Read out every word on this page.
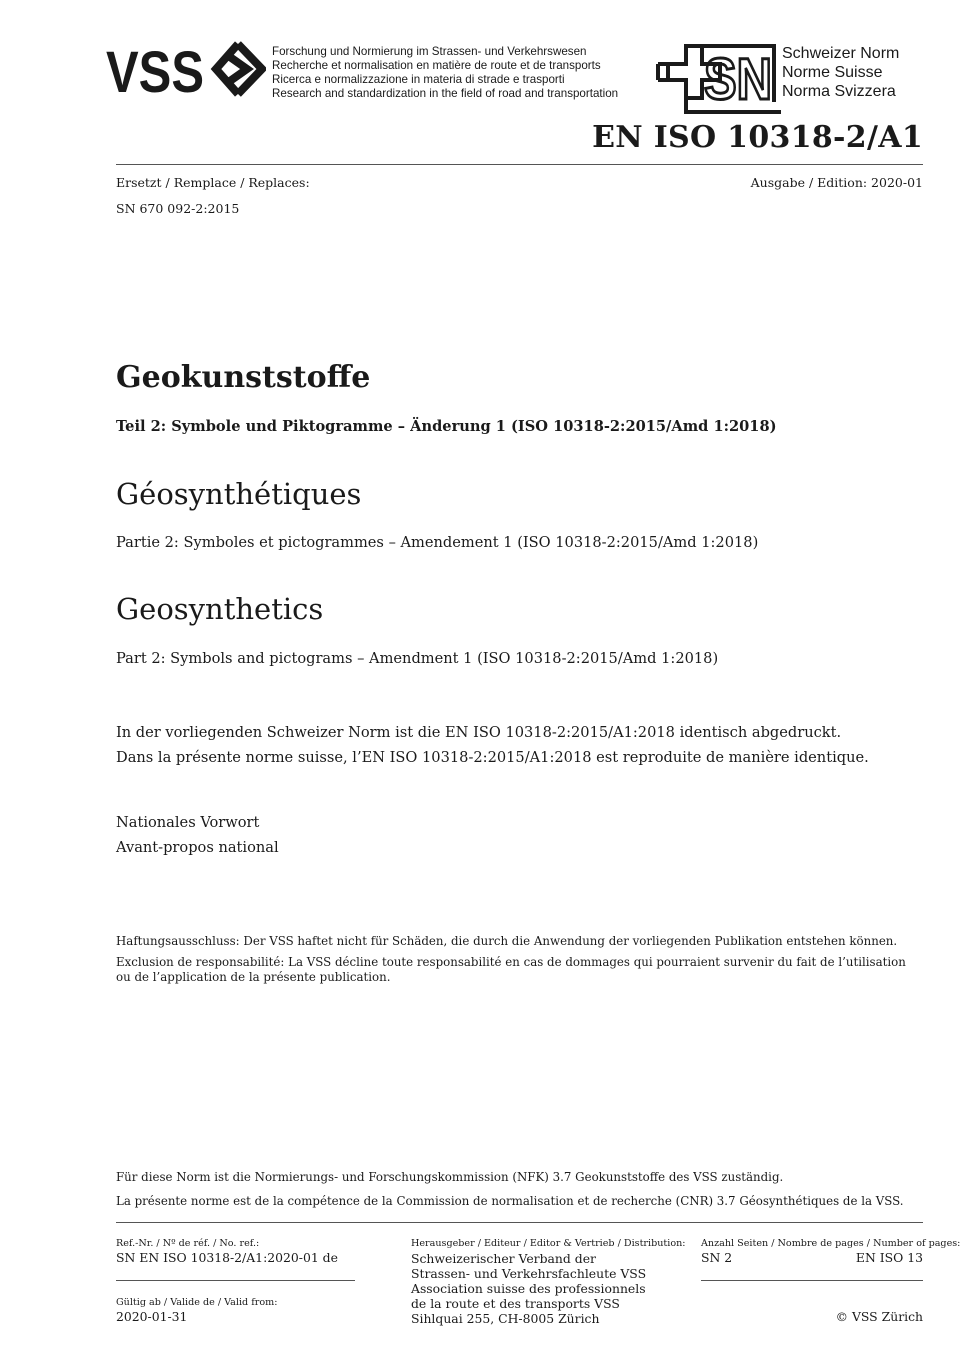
VSS	Forschung und Normierung im Strassen- und Verkehrswesen
Recherche et normalisation en matière de route et de transports
Ricerca e normalizzazione in materia di strade e trasporti
Research and standardization in the field of road and transportation SN Schweizer Norm
Norme Suisse
Norma Svizzera
EN ISO 10318-2/A1
Ersetzt / Remplace / Replaces:	Ausgabe / Edition: 2020-01
SN 670 092-2:2015
Geokunststoffe
Teil 2: Symbole und Piktogramme – Änderung 1 (ISO 10318-2:2015/Amd 1:2018)
Géosynthétiques
Partie 2: Symboles et pictogrammes – Amendement 1 (ISO 10318-2:2015/Amd 1:2018)
Geosynthetics
Part 2: Symbols and pictograms – Amendment 1 (ISO 10318-2:2015/Amd 1:2018)
In der vorliegenden Schweizer Norm ist die EN ISO 10318-2:2015/A1:2018 identisch abgedruckt.
Dans la présente norme suisse, l’EN ISO 10318-2:2015/A1:2018 est reproduite de manière identique.
Nationales Vorwort
Avant-propos national
Haftungsausschluss: Der VSS haftet nicht für Schäden, die durch die Anwendung der vorliegenden Publikation entstehen können.
Exclusion de responsabilité: La VSS décline toute responsabilité en cas de dommages qui pourraient survenir du fait de l’utilisation
ou de l’application de la présente publication.
Für diese Norm ist die Normierungs- und Forschungskommission (NFK) 3.7 Geokunststoffe des VSS zuständig.
La présente norme est de la compétence de la Commission de normalisation et de recherche (CNR) 3.7 Géosynthétiques de la VSS.
Ref.-Nr. / Nº de réf. / No. ref.:
SN EN ISO 10318-2/A1:2020-01 de
Gültig ab / Valide de / Valid from:
2020-01-31
Herausgeber / Editeur / Editor & Vertrieb / Distribution:
Schweizerischer Verband der
Strassen- und Verkehrsfachleute VSS
Association suisse des professionnels
de la route et des transports VSS
Sihlquai 255, CH-8005 Zürich
Anzahl Seiten / Nombre de pages / Number of pages:
SN 2	EN ISO 13
© VSS Zürich
